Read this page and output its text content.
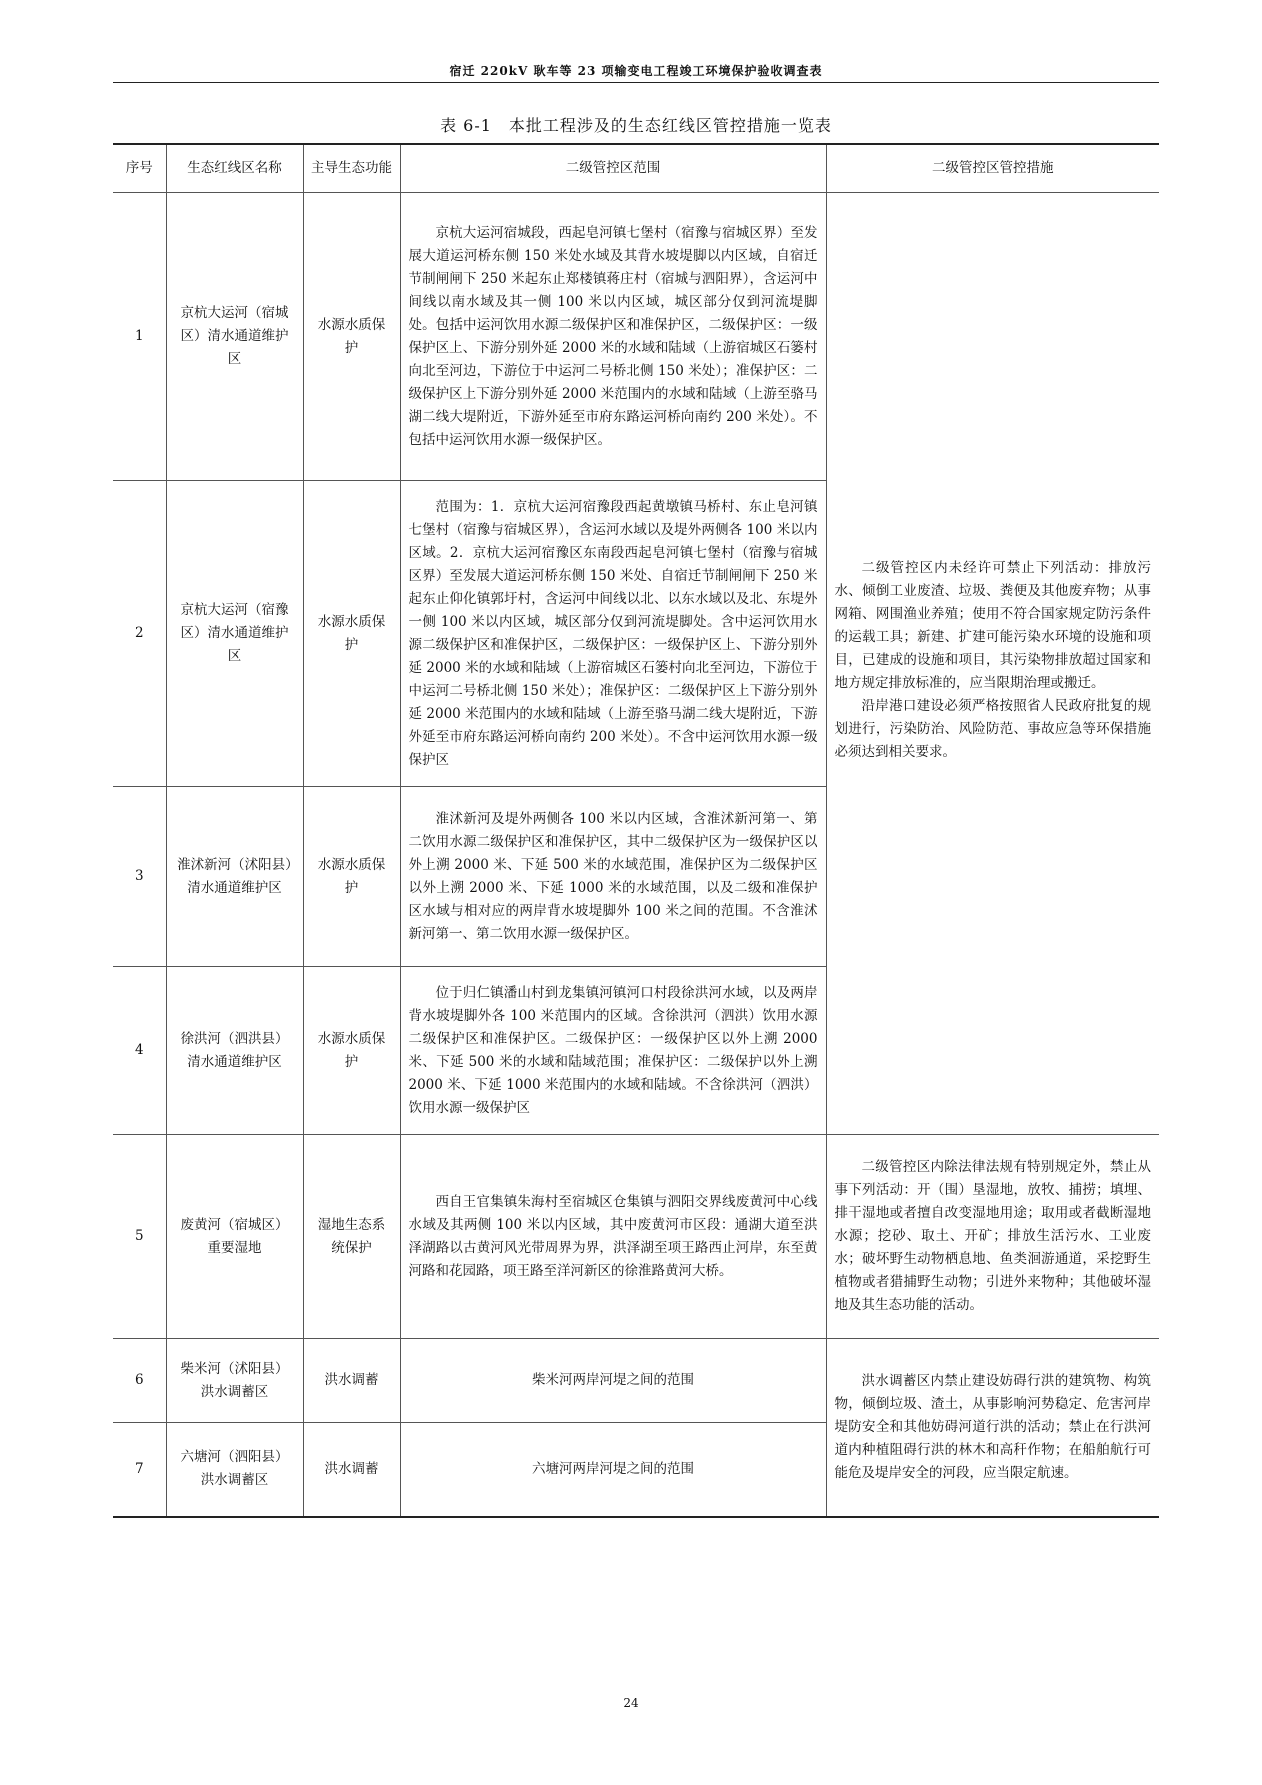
宿迁 220kV 耿车等 23 项输变电工程竣工环境保护验收调查表
表 6-1　本批工程涉及的生态红线区管控措施一览表
序号	生态红线区名称	主导生态功能	二级管控区范围	二级管控区管控措施
1	京杭大运河（宿城区）清水通道维护区	水源水质保护	京杭大运河宿城段，西起皂河镇七堡村（宿豫与宿城区界）至发展大道运河桥东侧 150 米处水域及其背水坡堤脚以内区域，自宿迁节制闸闸下 250 米起东止郑楼镇蒋庄村（宿城与泗阳界），含运河中间线以南水域及其一侧 100 米以内区域，城区部分仅到河流堤脚处。包括中运河饮用水源二级保护区和准保护区，二级保护区：一级保护区上、下游分别外延 2000 米的水域和陆域（上游宿城区石篓村向北至河边，下游位于中运河二号桥北侧 150 米处）；准保护区：二级保护区上下游分别外延 2000 米范围内的水域和陆域（上游至骆马湖二线大堤附近，下游外延至市府东路运河桥向南约 200 米处）。不包括中运河饮用水源一级保护区。	二级管控区内未经许可禁止下列活动：排放污水、倾倒工业废渣、垃圾、粪便及其他废弃物；从事网箱、网围渔业养殖；使用不符合国家规定防污条件的运载工具；新建、扩建可能污染水环境的设施和项目，已建成的设施和项目，其污染物排放超过国家和地方规定排放标准的，应当限期治理或搬迁。

沿岸港口建设必须严格按照省人民政府批复的规划进行，污染防治、风险防范、事故应急等环保措施必须达到相关要求。

2	京杭大运河（宿豫区）清水通道维护区	水源水质保护	范围为：1．京杭大运河宿豫段西起黄墩镇马桥村、东止皂河镇七堡村（宿豫与宿城区界），含运河水域以及堤外两侧各 100 米以内区域。2．京杭大运河宿豫区东南段西起皂河镇七堡村（宿豫与宿城区界）至发展大道运河桥东侧 150 米处、自宿迁节制闸闸下 250 米起东止仰化镇郭圩村，含运河中间线以北、以东水域以及北、东堤外一侧 100 米以内区域，城区部分仅到河流堤脚处。含中运河饮用水源二级保护区和准保护区，二级保护区：一级保护区上、下游分别外延 2000 米的水域和陆域（上游宿城区石篓村向北至河边，下游位于中运河二号桥北侧 150 米处）；准保护区：二级保护区上下游分别外延 2000 米范围内的水域和陆域（上游至骆马湖二线大堤附近，下游外延至市府东路运河桥向南约 200 米处）。不含中运河饮用水源一级保护区	

3	淮沭新河（沭阳县）清水通道维护区	水源水质保护	淮沭新河及堤外两侧各 100 米以内区域，含淮沭新河第一、第二饮用水源二级保护区和准保护区，其中二级保护区为一级保护区以外上溯 2000 米、下延 500 米的水域范围，准保护区为二级保护区以外上溯 2000 米、下延 1000 米的水域范围，以及二级和准保护区水域与相对应的两岸背水坡堤脚外 100 米之间的范围。不含淮沭新河第一、第二饮用水源一级保护区。	

4	徐洪河（泗洪县）清水通道维护区	水源水质保护	位于归仁镇潘山村到龙集镇河镇河口村段徐洪河水域，以及两岸背水坡堤脚外各 100 米范围内的区域。含徐洪河（泗洪）饮用水源二级保护区和准保护区。二级保护区：一级保护区以外上溯 2000 米、下延 500 米的水域和陆域范围；准保护区：二级保护以外上溯 2000 米、下延 1000 米范围内的水域和陆域。不含徐洪河（泗洪）饮用水源一级保护区	

5	废黄河（宿城区）重要湿地	湿地生态系统保护	西自王官集镇朱海村至宿城区仓集镇与泗阳交界线废黄河中心线水域及其两侧 100 米以内区域，其中废黄河市区段：通湖大道至洪泽湖路以古黄河风光带周界为界，洪泽湖至项王路西止河岸，东至黄河路和花园路，项王路至洋河新区的徐淮路黄河大桥。	二级管控区内除法律法规有特别规定外，禁止从事下列活动：开（围）垦湿地，放牧、捕捞；填埋、排干湿地或者擅自改变湿地用途；取用或者截断湿地水源；挖砂、取土、开矿；排放生活污水、工业废水；破坏野生动物栖息地、鱼类洄游通道，采挖野生植物或者猎捕野生动物；引进外来物种；其他破坏湿地及其生态功能的活动。

6	柴米河（沭阳县）洪水调蓄区	洪水调蓄	柴米河两岸河堤之间的范围	洪水调蓄区内禁止建设妨碍行洪的建筑物、构筑物，倾倒垃圾、渣土，从事影响河势稳定、危害河岸堤防安全和其他妨碍河道行洪的活动；禁止在行洪河道内种植阻碍行洪的林木和高秆作物；在船舶航行可能危及堤岸安全的河段，应当限定航速。

7	六塘河（泗阳县）洪水调蓄区	洪水调蓄	六塘河两岸河堤之间的范围	
24
